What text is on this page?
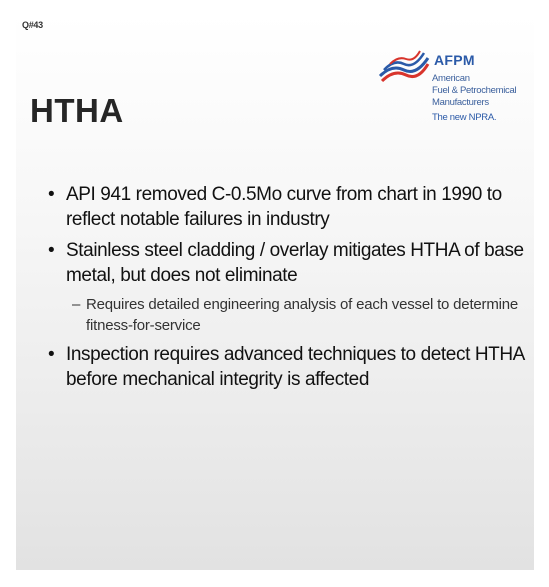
Q#43
HTHA
AFPM
American
Fuel & Petrochemical
Manufacturers
The new NPRA.
• API 941 removed C-0.5Mo curve from chart in 1990 to reflect notable failures in industry
• Stainless steel cladding / overlay mitigates HTHA of base metal, but does not eliminate
– Requires detailed engineering analysis of each vessel to determine fitness-for-service
• Inspection requires advanced techniques to detect HTHA before mechanical integrity is affected
